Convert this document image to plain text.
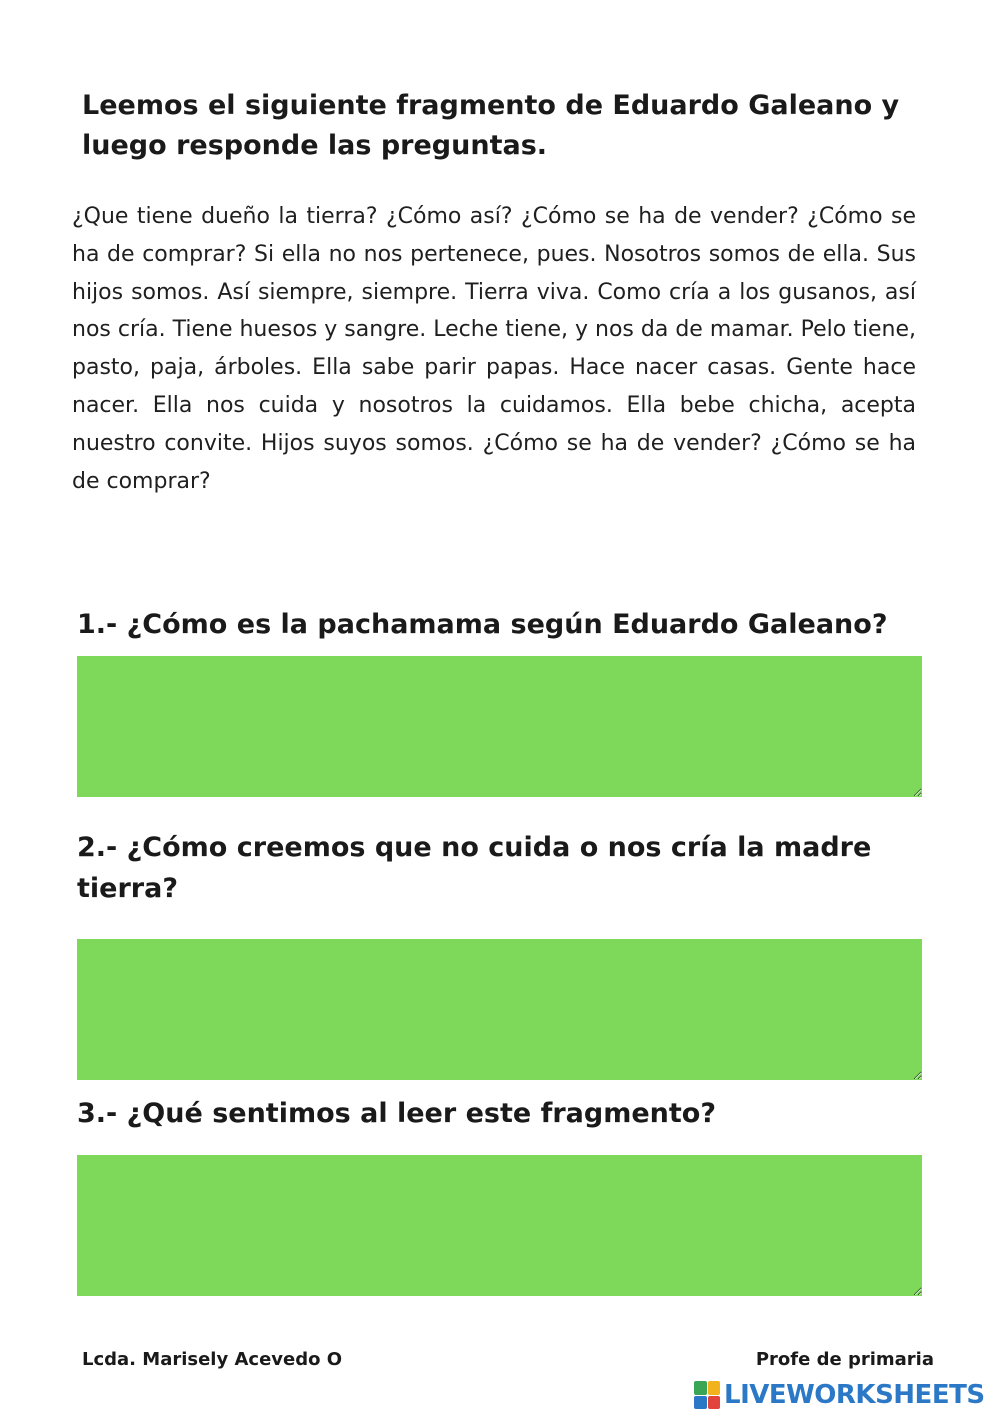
Leemos el siguiente fragmento de Eduardo Galeano y luego responde las preguntas.

¿Que tiene dueño la tierra? ¿Cómo así? ¿Cómo se ha de vender? ¿Cómo se ha de comprar? Si ella no nos pertenece, pues. Nosotros somos de ella. Sus hijos somos. Así siempre, siempre. Tierra viva. Como cría a los gusanos, así nos cría. Tiene huesos y sangre. Leche tiene, y nos da de mamar. Pelo tiene, pasto, paja, árboles. Ella sabe parir papas. Hace nacer casas. Gente hace nacer. Ella nos cuida y nosotros la cuidamos. Ella bebe chicha, acepta nuestro convite. Hijos suyos somos. ¿Cómo se ha de vender? ¿Cómo se ha de comprar?

1.- ¿Cómo es la pachamama según Eduardo Galeano?

2.- ¿Cómo creemos que no cuida o nos cría la madre tierra?

3.- ¿Qué sentimos al leer este fragmento?

Lcda. Marisely Acevedo O	Profe de primaria
LIVEWORKSHEETS
